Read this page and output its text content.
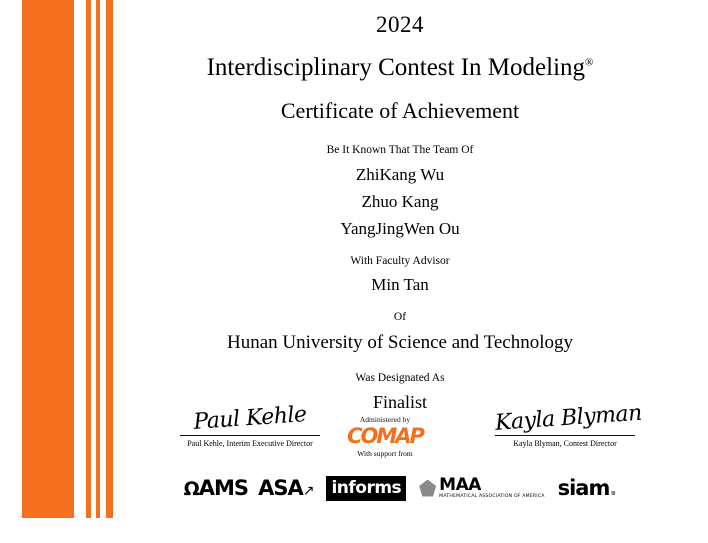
2024
Interdisciplinary Contest In Modeling®
Certificate of Achievement
Be It Known That The Team Of
ZhiKang Wu
Zhuo Kang
YangJingWen Ou
With Faculty Advisor
Min Tan
Of
Hunan University of Science and Technology
Was Designated As
Finalist
Paul Kehle
Paul Kehle, Interim Executive Director
Kayla Blyman
Kayla Blyman, Contest Director
Administered by
COMAP
With support from
ΩAMS ASA↗ informs MAA
MATHEMATICAL ASSOCIATION OF AMERICA siam.
